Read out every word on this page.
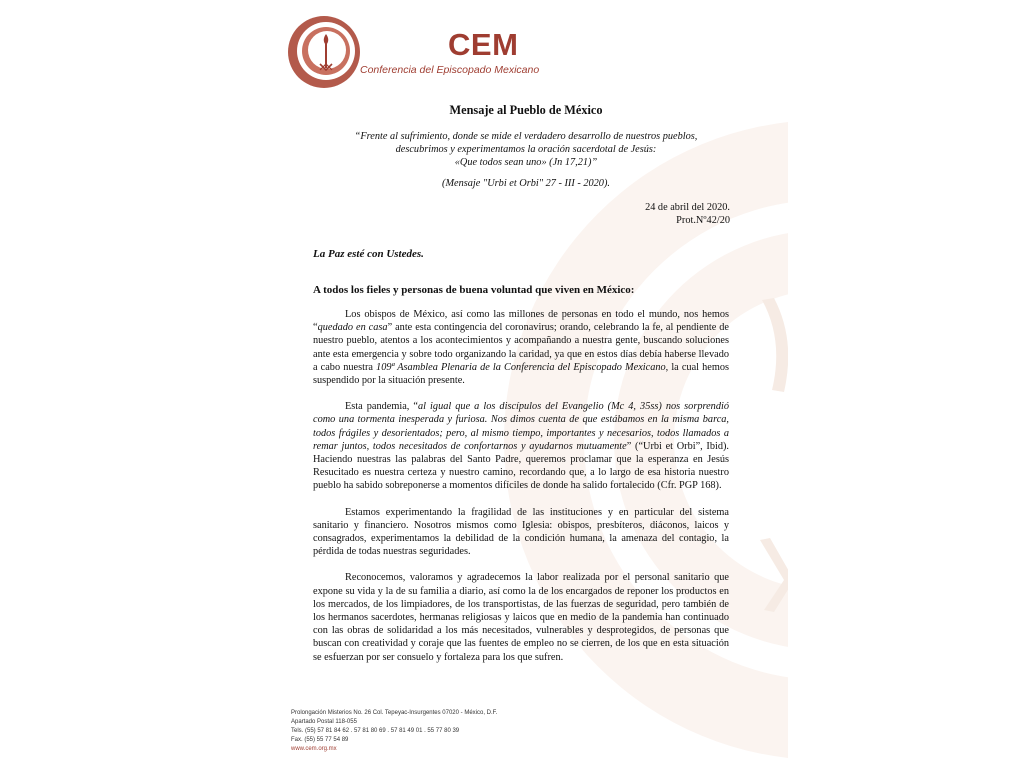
CEM
Conferencia del Episcopado Mexicano
Mensaje al Pueblo de México
“Frente al sufrimiento, donde se mide el verdadero desarrollo de nuestros pueblos,
descubrimos y experimentamos la oración sacerdotal de Jesús:
«Que todos sean uno» (Jn 17,21)”
(Mensaje "Urbi et Orbi" 27 - III - 2020).
24 de abril del 2020.
Prot.Nº42/20
La Paz esté con Ustedes.
A todos los fieles y personas de buena voluntad que viven en México:

Los obispos de México, así como las millones de personas en todo el mundo, nos hemos “quedado en casa” ante esta contingencia del coronavirus; orando, celebrando la fe, al pendiente de nuestro pueblo, atentos a los acontecimientos y acompañando a nuestra gente, buscando soluciones ante esta emergencia y sobre todo organizando la caridad, ya que en estos días debía haberse llevado a cabo nuestra 109ª Asamblea Plenaria de la Conferencia del Episcopado Mexicano, la cual hemos suspendido por la situación presente.

Esta pandemia, “al igual que a los discípulos del Evangelio (Mc 4, 35ss) nos sorprendió como una tormenta inesperada y furiosa. Nos dimos cuenta de que estábamos en la misma barca, todos frágiles y desorientados; pero, al mismo tiempo, importantes y necesarios, todos llamados a remar juntos, todos necesitados de confortarnos y ayudarnos mutuamente” (“Urbi et Orbi”, Ibid). Haciendo nuestras las palabras del Santo Padre, queremos proclamar que la esperanza en Jesús Resucitado es nuestra certeza y nuestro camino, recordando que, a lo largo de esa historia nuestro pueblo ha sabido sobreponerse a momentos difíciles de donde ha salido fortalecido (Cfr. PGP 168).

Estamos experimentando la fragilidad de las instituciones y en particular del sistema sanitario y financiero. Nosotros mismos como Iglesia: obispos, presbíteros, diáconos, laicos y consagrados, experimentamos la debilidad de la condición humana, la amenaza del contagio, la pérdida de todas nuestras seguridades.

Reconocemos, valoramos y agradecemos la labor realizada por el personal sanitario que expone su vida y la de su familia a diario, así como la de los encargados de reponer los productos en los mercados, de los limpiadores, de los transportistas, de las fuerzas de seguridad, pero también de los hermanos sacerdotes, hermanas religiosas y laicos que en medio de la pandemia han continuado con las obras de solidaridad a los más necesitados, vulnerables y desprotegidos, de personas que buscan con creatividad y coraje que las fuentes de empleo no se cierren, de los que en esta situación se esfuerzan por ser consuelo y fortaleza para los que sufren.

Prolongación Misterios No. 26 Col. Tepeyac-Insurgentes 07020 - México, D.F.
Apartado Postal 118-055
Tels. (55) 57 81 84 62 . 57 81 80 69 . 57 81 49 01 . 55 77 80 39
Fax. (55) 55 77 54 89
www.cem.org.mx
